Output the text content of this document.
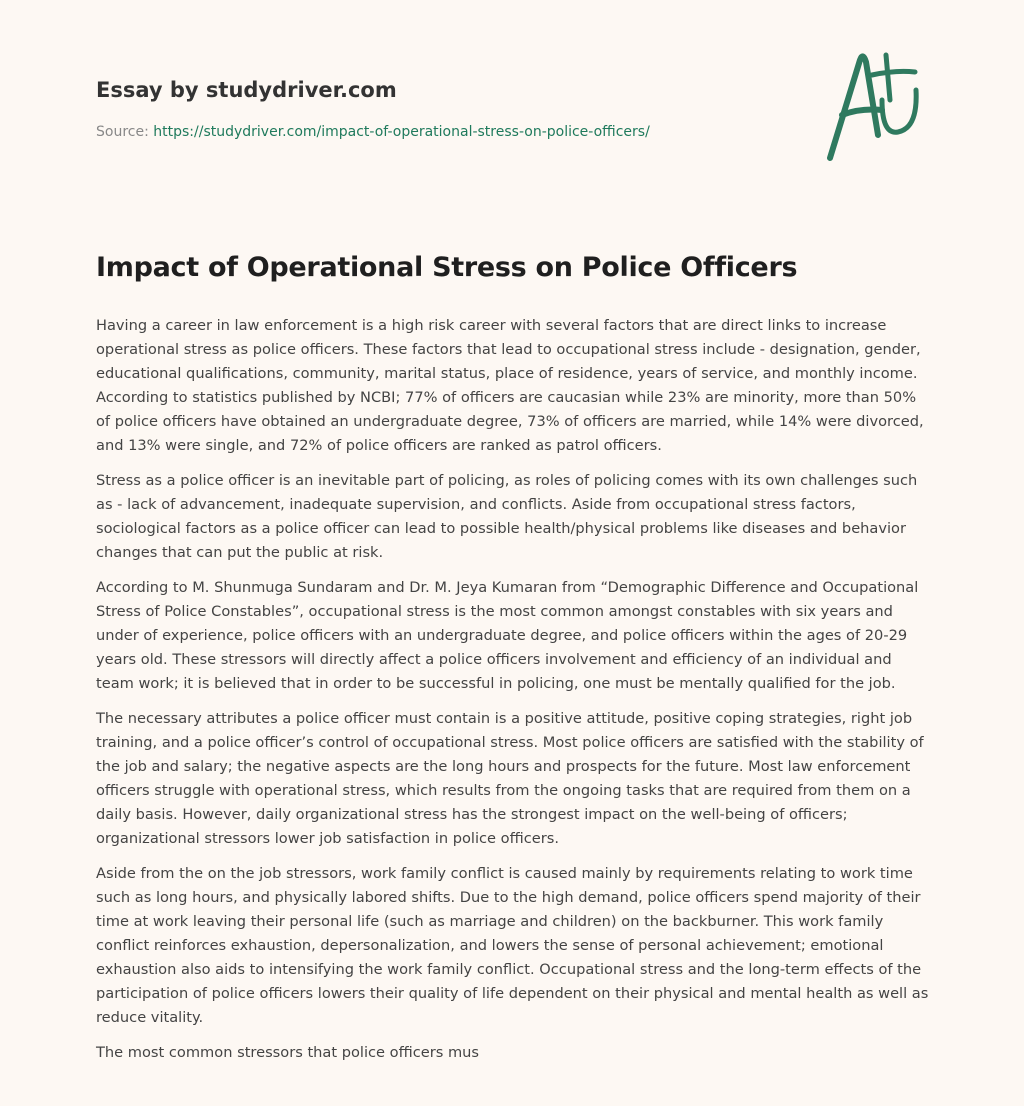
Essay by studydriver.com

Source: https://studydriver.com/impact-of-operational-stress-on-police-officers/
Impact of Operational Stress on Police Officers

Having a career in law enforcement is a high risk career with several factors that are direct links to increase operational stress as police officers. These factors that lead to occupational stress include - designation, gender, educational qualifications, community, marital status, place of residence, years of service, and monthly income. According to statistics published by NCBI; 77% of officers are caucasian while 23% are minority, more than 50% of police officers have obtained an undergraduate degree, 73% of officers are married, while 14% were divorced, and 13% were single, and 72% of police officers are ranked as patrol officers.

Stress as a police officer is an inevitable part of policing, as roles of policing comes with its own challenges such as - lack of advancement, inadequate supervision, and conflicts. Aside from occupational stress factors, sociological factors as a police officer can lead to possible health/physical problems like diseases and behavior changes that can put the public at risk.

According to M. Shunmuga Sundaram and Dr. M. Jeya Kumaran from “Demographic Difference and Occupational Stress of Police Constables”, occupational stress is the most common amongst constables with six years and under of experience, police officers with an undergraduate degree, and police officers within the ages of 20-29 years old. These stressors will directly affect a police officers involvement and efficiency of an individual and team work; it is believed that in order to be successful in policing, one must be mentally qualified for the job.

The necessary attributes a police officer must contain is a positive attitude, positive coping strategies, right job training, and a police officer’s control of occupational stress. Most police officers are satisfied with the stability of the job and salary; the negative aspects are the long hours and prospects for the future. Most law enforcement officers struggle with operational stress, which results from the ongoing tasks that are required from them on a daily basis. However, daily organizational stress has the strongest impact on the well-being of officers; organizational stressors lower job satisfaction in police officers.

Aside from the on the job stressors, work family conflict is caused mainly by requirements relating to work time such as long hours, and physically labored shifts. Due to the high demand, police officers spend majority of their time at work leaving their personal life (such as marriage and children) on the backburner. This work family conflict reinforces exhaustion, depersonalization, and lowers the sense of personal achievement; emotional exhaustion also aids to intensifying the work family conflict. Occupational stress and the long-term effects of the participation of police officers lowers their quality of life dependent on their physical and mental health as well as reduce vitality.

The most common stressors that police officers mus
